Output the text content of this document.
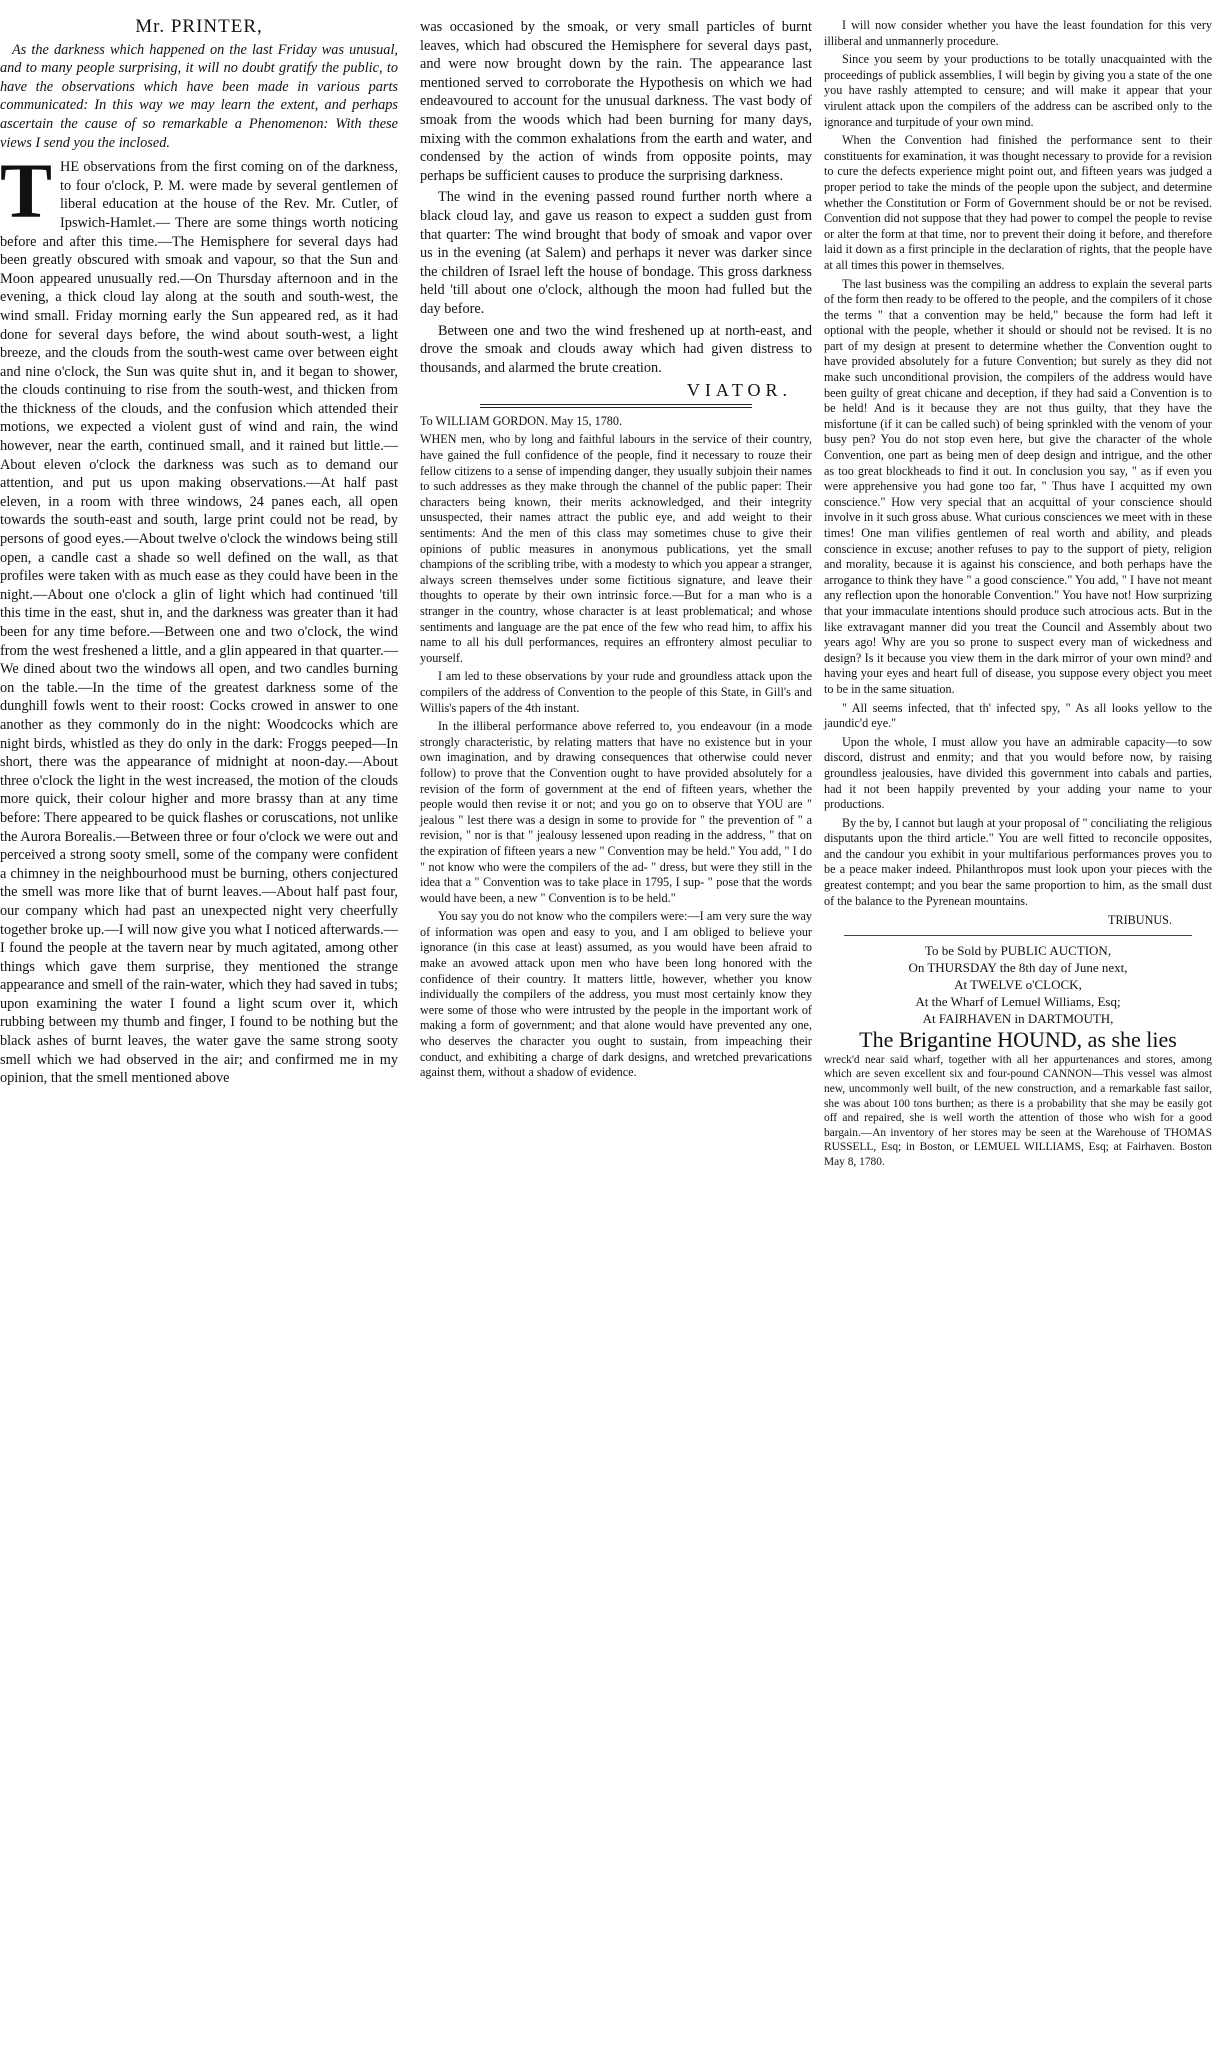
Mr. PRINTER,

As the darkness which happened on the last Friday was unusual, and to many people surprising, it will no doubt gratify the public, to have the observations which have been made in various parts communicated: In this way we may learn the extent, and perhaps ascertain the cause of so remarkable a Phenomenon: With these views I send you the inclosed.

THE observations from the first coming on of the darkness, to four o'clock, P. M. were made by several gentlemen of liberal education at the house of the Rev. Mr. Cutler, of Ipswich-Hamlet.— There are some things worth noticing before and after this time.—The Hemisphere for several days had been greatly obscured with smoak and vapour, so that the Sun and Moon appeared unusually red.—On Thursday afternoon and in the evening, a thick cloud lay along at the south and south-west, the wind small. Friday morning early the Sun appeared red, as it had done for several days before, the wind about south-west, a light breeze, and the clouds from the south-west came over between eight and nine o'clock, the Sun was quite shut in, and it began to shower, the clouds continuing to rise from the south-west, and thicken from the thickness of the clouds, and the confusion which attended their motions, we expected a violent gust of wind and rain, the wind however, near the earth, continued small, and it rained but little.—About eleven o'clock the darkness was such as to demand our attention, and put us upon making observations.—At half past eleven, in a room with three windows, 24 panes each, all open towards the south-east and south, large print could not be read, by persons of good eyes.—About twelve o'clock the windows being still open, a candle cast a shade so well defined on the wall, as that profiles were taken with as much ease as they could have been in the night.—About one o'clock a glin of light which had continued 'till this time in the east, shut in, and the darkness was greater than it had been for any time before.—Between one and two o'clock, the wind from the west freshened a little, and a glin appeared in that quarter.—We dined about two the windows all open, and two candles burning on the table.—In the time of the greatest darkness some of the dunghill fowls went to their roost: Cocks crowed in answer to one another as they commonly do in the night: Woodcocks which are night birds, whistled as they do only in the dark: Froggs peeped—In short, there was the appearance of midnight at noon-day.—About three o'clock the light in the west increased, the motion of the clouds more quick, their colour higher and more brassy than at any time before: There appeared to be quick flashes or coruscations, not unlike the Aurora Borealis.—Between three or four o'clock we were out and perceived a strong sooty smell, some of the company were confident a chimney in the neighbourhood must be burning, others conjectured the smell was more like that of burnt leaves.—About half past four, our company which had past an unexpected night very cheerfully together broke up.—I will now give you what I noticed afterwards.—I found the people at the tavern near by much agitated, among other things which gave them surprise, they mentioned the strange appearance and smell of the rain-water, which they had saved in tubs; upon examining the water I found a light scum over it, which rubbing between my thumb and finger, I found to be nothing but the black ashes of burnt leaves, the water gave the same strong sooty smell which we had observed in the air; and confirmed me in my opinion, that the smell mentioned above

was occasioned by the smoak, or very small particles of burnt leaves, which had obscured the Hemisphere for several days past, and were now brought down by the rain. The appearance last mentioned served to corroborate the Hypothesis on which we had endeavoured to account for the unusual darkness. The vast body of smoak from the woods which had been burning for many days, mixing with the common exhalations from the earth and water, and condensed by the action of winds from opposite points, may perhaps be sufficient causes to produce the surprising darkness.

The wind in the evening passed round further north where a black cloud lay, and gave us reason to expect a sudden gust from that quarter: The wind brought that body of smoak and vapor over us in the evening (at Salem) and perhaps it never was darker since the children of Israel left the house of bondage. This gross darkness held 'till about one o'clock, although the moon had fulled but the day before.

Between one and two the wind freshened up at north-east, and drove the smoak and clouds away which had given distress to thousands, and alarmed the brute creation.

VIATOR.

To WILLIAM GORDON. May 15, 1780.

WHEN men, who by long and faithful labours in the service of their country, have gained the full confidence of the people, find it necessary to rouze their fellow citizens to a sense of impending danger, they usually subjoin their names to such addresses as they make through the channel of the public paper: Their characters being known, their merits acknowledged, and their integrity unsuspected, their names attract the public eye, and add weight to their sentiments: And the men of this class may sometimes chuse to give their opinions of public measures in anonymous publications, yet the small champions of the scribling tribe, with a modesty to which you appear a stranger, always screen themselves under some fictitious signature, and leave their thoughts to operate by their own intrinsic force.—But for a man who is a stranger in the country, whose character is at least problematical; and whose sentiments and language are the pat ence of the few who read him, to affix his name to all his dull performances, requires an effrontery almost peculiar to yourself.

I am led to these observations by your rude and groundless attack upon the compilers of the address of Convention to the people of this State, in Gill's and Willis's papers of the 4th instant.

In the illiberal performance above referred to, you endeavour (in a mode strongly characteristic, by relating matters that have no existence but in your own imagination, and by drawing consequences that otherwise could never follow) to prove that the Convention ought to have provided absolutely for a revision of the form of government at the end of fifteen years, whether the people would then revise it or not; and you go on to observe that YOU are " jealous " lest there was a design in some to provide for " the prevention of " a revision, " nor is that " jealousy lessened upon reading in the address, " that on the expiration of fifteen years a new " Convention may be held." You add, " I do " not know who were the compilers of the ad- " dress, but were they still in the idea that a " Convention was to take place in 1795, I sup- " pose that the words would have been, a new " Convention is to be held."

You say you do not know who the compilers were:—I am very sure the way of information was open and easy to you, and I am obliged to believe your ignorance (in this case at least) assumed, as you would have been afraid to make an avowed attack upon men who have been long honored with the confidence of their country. It matters little, however, whether you know individually the compilers of the address, you must most certainly know they were some of those who were intrusted by the people in the important work of making a form of government; and that alone would have prevented any one, who deserves the character you ought to sustain, from impeaching their conduct, and exhibiting a charge of dark designs, and wretched prevarications against them, without a shadow of evidence.

I will now consider whether you have the least foundation for this very illiberal and unmannerly procedure.

Since you seem by your productions to be totally unacquainted with the proceedings of publick assemblies, I will begin by giving you a state of the one you have rashly attempted to censure; and will make it appear that your virulent attack upon the compilers of the address can be ascribed only to the ignorance and turpitude of your own mind.

When the Convention had finished the performance sent to their constituents for examination, it was thought necessary to provide for a revision to cure the defects experience might point out, and fifteen years was judged a proper period to take the minds of the people upon the subject, and determine whether the Constitution or Form of Government should be or not be revised. Convention did not suppose that they had power to compel the people to revise or alter the form at that time, nor to prevent their doing it before, and therefore laid it down as a first principle in the declaration of rights, that the people have at all times this power in themselves.

The last business was the compiling an address to explain the several parts of the form then ready to be offered to the people, and the compilers of it chose the terms " that a convention may be held," because the form had left it optional with the people, whether it should or should not be revised. It is no part of my design at present to determine whether the Convention ought to have provided absolutely for a future Convention; but surely as they did not make such unconditional provision, the compilers of the address would have been guilty of great chicane and deception, if they had said a Convention is to be held! And is it because they are not thus guilty, that they have the misfortune (if it can be called such) of being sprinkled with the venom of your busy pen? You do not stop even here, but give the character of the whole Convention, one part as being men of deep design and intrigue, and the other as too great blockheads to find it out. In conclusion you say, " as if even you were apprehensive you had gone too far, " Thus have I acquitted my own conscience." How very special that an acquittal of your conscience should involve in it such gross abuse. What curious consciences we meet with in these times! One man vilifies gentlemen of real worth and ability, and pleads conscience in excuse; another refuses to pay to the support of piety, religion and morality, because it is against his conscience, and both perhaps have the arrogance to think they have " a good conscience." You add, " I have not meant any reflection upon the honorable Convention." You have not! How surprizing that your immaculate intentions should produce such atrocious acts. But in the like extravagant manner did you treat the Council and Assembly about two years ago! Why are you so prone to suspect every man of wickedness and design? Is it because you view them in the dark mirror of your own mind? and having your eyes and heart full of disease, you suppose every object you meet to be in the same situation.

" All seems infected, that th' infected spy, " As all looks yellow to the jaundic'd eye."

Upon the whole, I must allow you have an admirable capacity—to sow discord, distrust and enmity; and that you would before now, by raising groundless jealousies, have divided this government into cabals and parties, had it not been happily prevented by your adding your name to your productions.

By the by, I cannot but laugh at your proposal of " conciliating the religious disputants upon the third article." You are well fitted to reconcile opposites, and the candour you exhibit in your multifarious performances proves you to be a peace maker indeed. Philanthropos must look upon your pieces with the greatest contempt; and you bear the same proportion to him, as the small dust of the balance to the Pyrenean mountains.

TRIBUNUS.

To be Sold by PUBLIC AUCTION,

On THURSDAY the 8th day of June next,

At TWELVE o'CLOCK,

At the Wharf of Lemuel Williams, Esq;

At FAIRHAVEN in DARTMOUTH,

The Brigantine HOUND, as she lies

wreck'd near said wharf, together with all her appurtenances and stores, among which are seven excellent six and four-pound CANNON—This vessel was almost new, uncommonly well built, of the new construction, and a remarkable fast sailor, she was about 100 tons burthen; as there is a probability that she may be easily got off and repaired, she is well worth the attention of those who wish for a good bargain.—An inventory of her stores may be seen at the Warehouse of THOMAS RUSSELL, Esq; in Boston, or LEMUEL WILLIAMS, Esq; at Fairhaven. Boston May 8, 1780.
